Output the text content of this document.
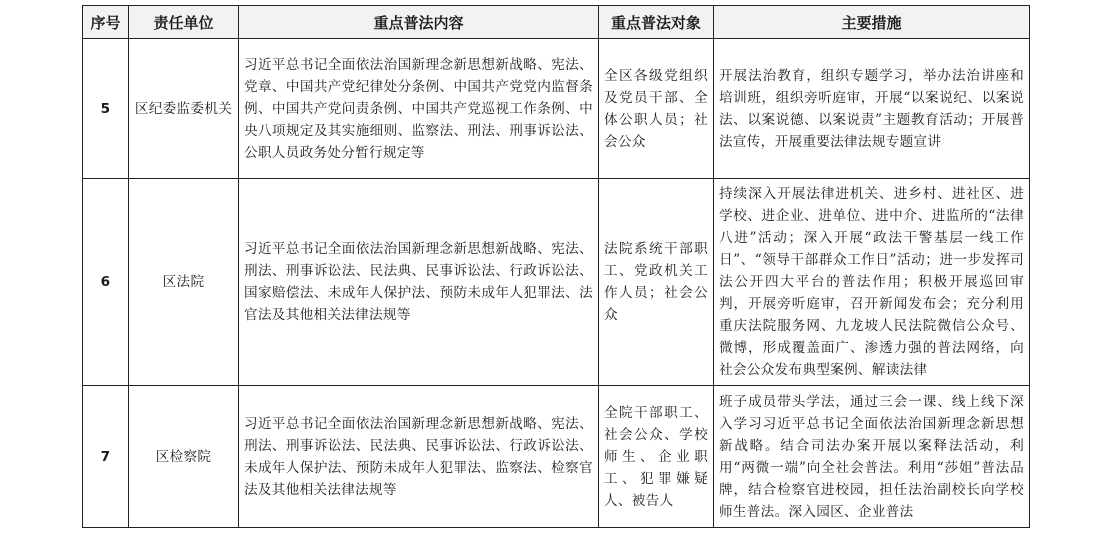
序号	责任单位	重点普法内容	重点普法对象	主要措施
5	区纪委监委机关	习近平总书记全面依法治国新理念新思想新战略、宪法、党章、中国共产党纪律处分条例、中国共产党党内监督条例、中国共产党问责条例、中国共产党巡视工作条例、中央八项规定及其实施细则、监察法、刑法、刑事诉讼法、公职人员政务处分暂行规定等	全区各级党组织及党员干部、全体公职人员；社会公众	开展法治教育，组织专题学习，举办法治讲座和培训班，组织旁听庭审，开展“以案说纪、以案说法、以案说德、以案说责”主题教育活动；开展普法宣传，开展重要法律法规专题宣讲
6	区法院	习近平总书记全面依法治国新理念新思想新战略、宪法、刑法、刑事诉讼法、民法典、民事诉讼法、行政诉讼法、国家赔偿法、未成年人保护法、预防未成年人犯罪法、法官法及其他相关法律法规等	法院系统干部职工、党政机关工作人员；社会公众	持续深入开展法律进机关、进乡村、进社区、进学校、进企业、进单位、进中介、进监所的“法律八进”活动；深入开展“政法干警基层一线工作日”、“领导干部群众工作日”活动；进一步发挥司法公开四大平台的普法作用；积极开展巡回审判，开展旁听庭审，召开新闻发布会；充分利用重庆法院服务网、九龙坡人民法院微信公众号、微博，形成覆盖面广、渗透力强的普法网络，向社会公众发布典型案例、解读法律
7	区检察院	习近平总书记全面依法治国新理念新思想新战略、宪法、刑法、刑事诉讼法、民法典、民事诉讼法、行政诉讼法、未成年人保护法、预防未成年人犯罪法、监察法、检察官法及其他相关法律法规等	全院干部职工、社会公众、学校师生、企业职工、犯罪嫌疑人、被告人	班子成员带头学法，通过三会一课、线上线下深入学习习近平总书记全面依法治国新理念新思想新战略。结合司法办案开展以案释法活动，利用“两微一端”向全社会普法。利用“莎姐”普法品牌，结合检察官进校园，担任法治副校长向学校师生普法。深入园区、企业普法
